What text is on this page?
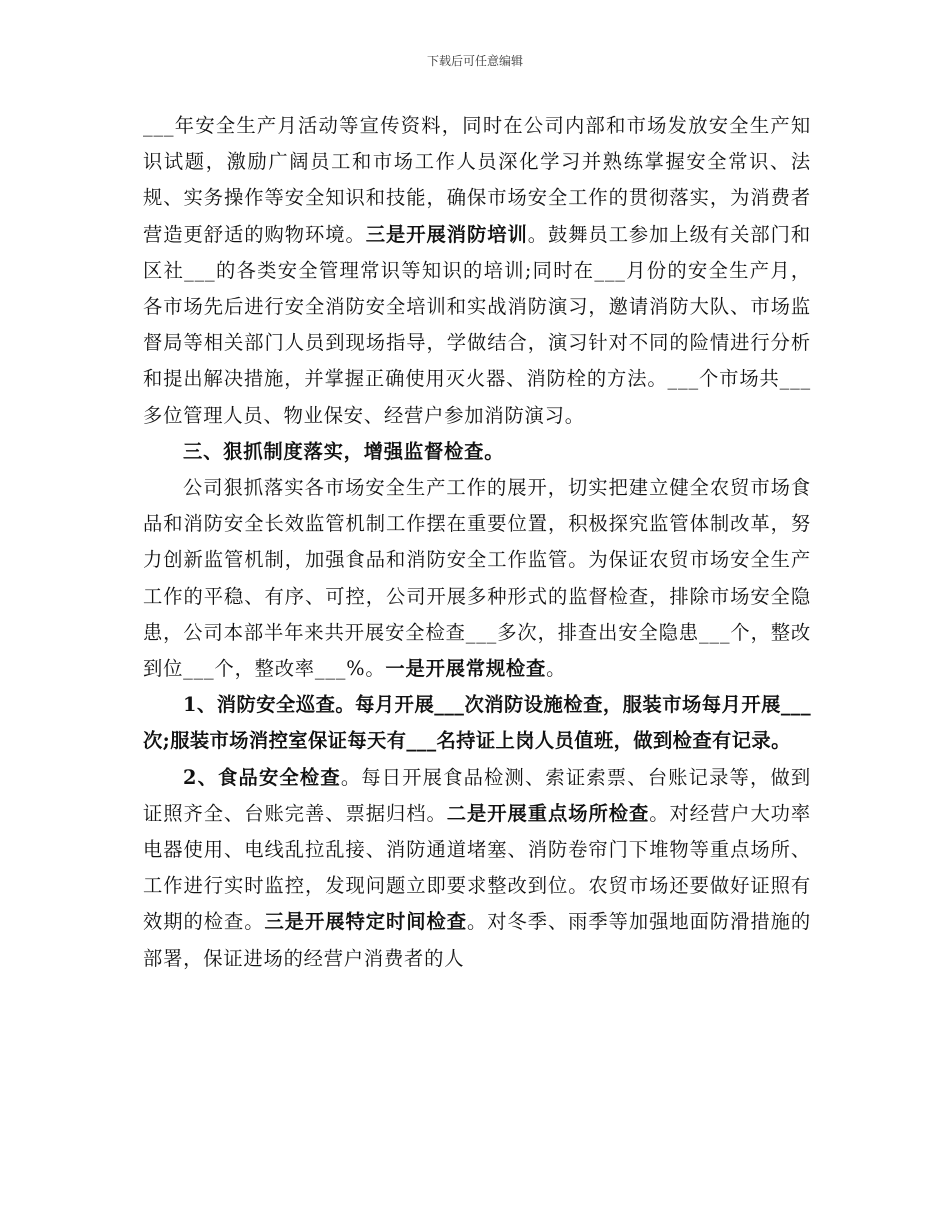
下载后可任意编辑

___年安全生产月活动等宣传资料，同时在公司内部和市场发放安全生产知识试题，激励广阔员工和市场工作人员深化学习并熟练掌握安全常识、法规、实务操作等安全知识和技能，确保市场安全工作的贯彻落实，为消费者营造更舒适的购物环境。三是开展消防培训。鼓舞员工参加上级有关部门和区社___的各类安全管理常识等知识的培训;同时在___月份的安全生产月，各市场先后进行安全消防安全培训和实战消防演习，邀请消防大队、市场监督局等相关部门人员到现场指导，学做结合，演习针对不同的险情进行分析和提出解决措施，并掌握正确使用灭火器、消防栓的方法。___个市场共___多位管理人员、物业保安、经营户参加消防演习。

三、狠抓制度落实，增强监督检查。

公司狠抓落实各市场安全生产工作的展开，切实把建立健全农贸市场食品和消防安全长效监管机制工作摆在重要位置，积极探究监管体制改革，努力创新监管机制，加强食品和消防安全工作监管。为保证农贸市场安全生产工作的平稳、有序、可控，公司开展多种形式的监督检查，排除市场安全隐患，公司本部半年来共开展安全检查___多次，排查出安全隐患___个，整改到位___个，整改率___%。一是开展常规检查。

1、消防安全巡查。每月开展___次消防设施检查，服装市场每月开展___次;服装市场消控室保证每天有___名持证上岗人员值班，做到检查有记录。

2、食品安全检查。每日开展食品检测、索证索票、台账记录等，做到证照齐全、台账完善、票据归档。二是开展重点场所检查。对经营户大功率电器使用、电线乱拉乱接、消防通道堵塞、消防卷帘门下堆物等重点场所、工作进行实时监控，发现问题立即要求整改到位。农贸市场还要做好证照有效期的检查。三是开展特定时间检查。对冬季、雨季等加强地面防滑措施的部署，保证进场的经营户消费者的人
